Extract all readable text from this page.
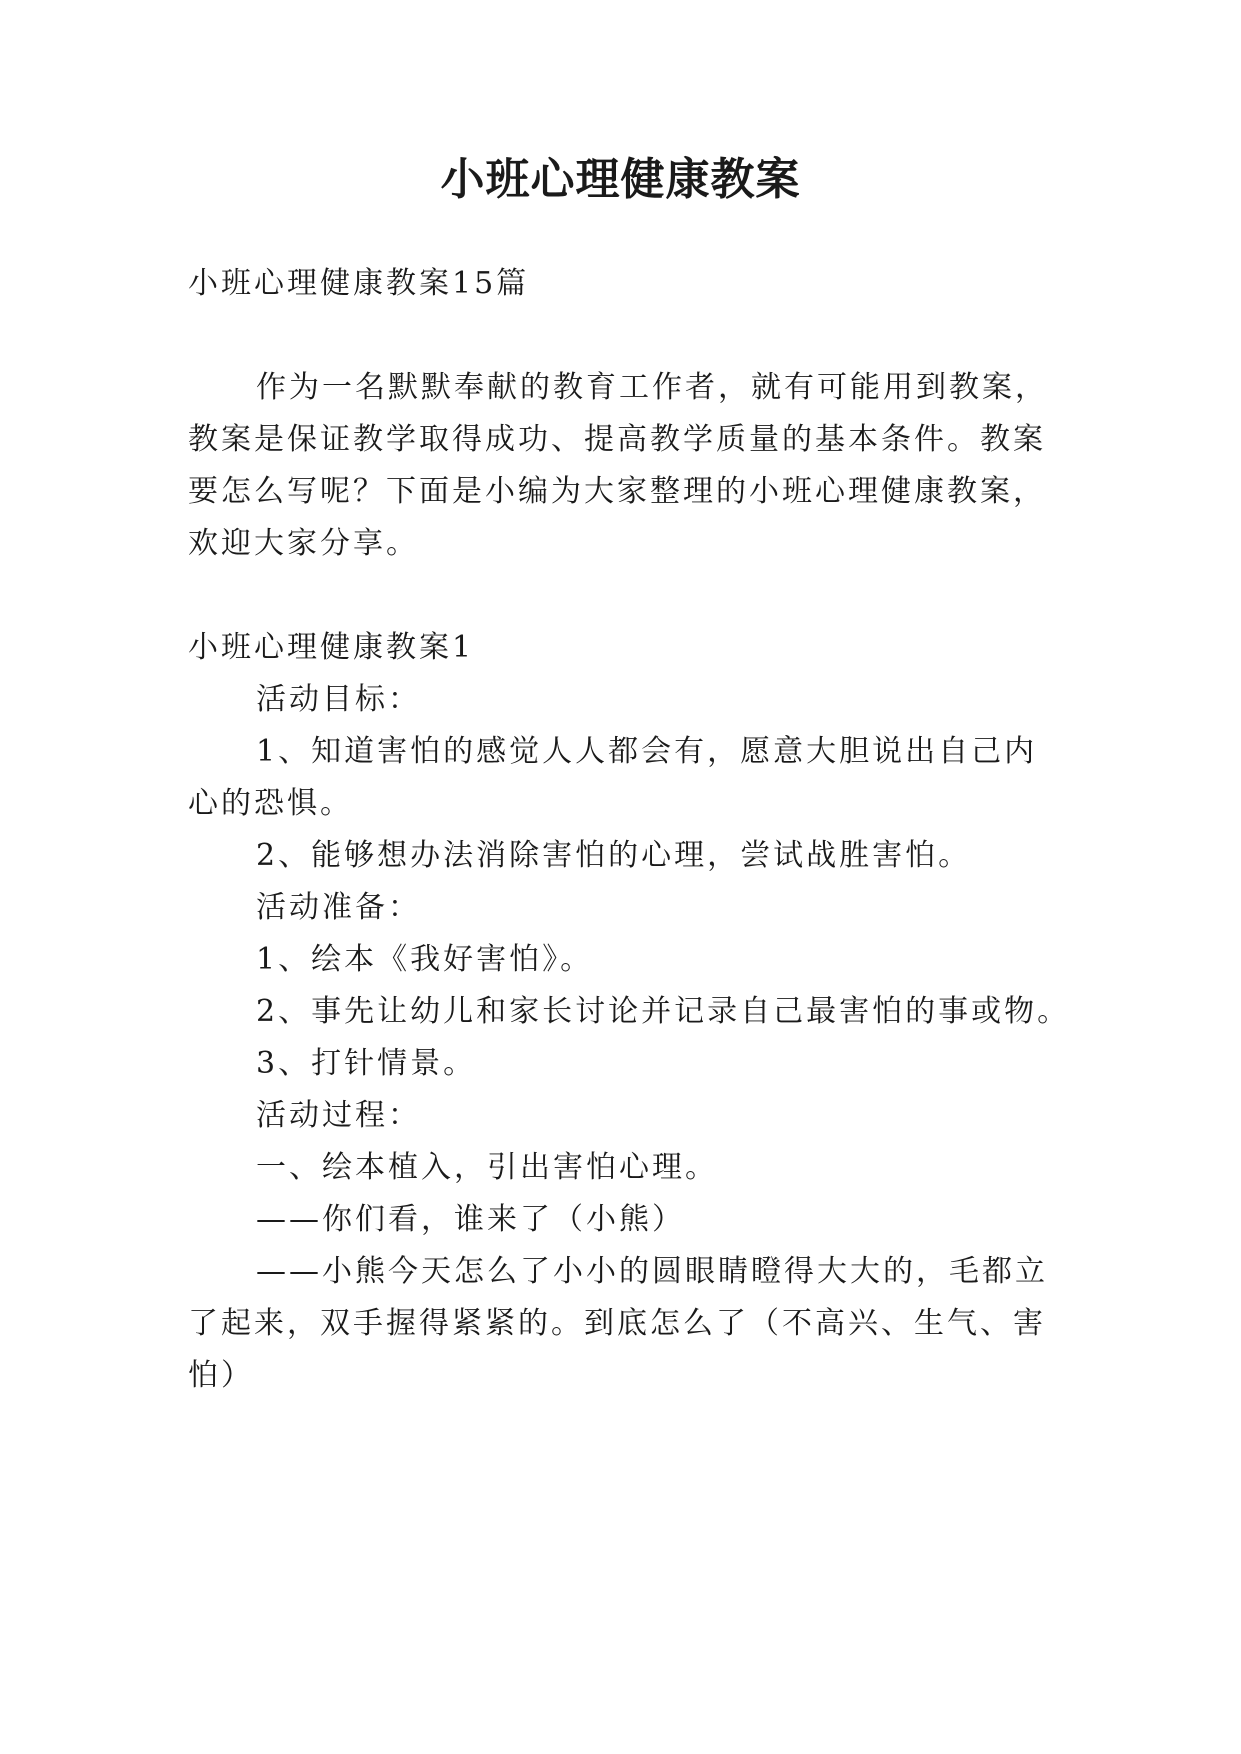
小班心理健康教案
小班心理健康教案15篇
作为一名默默奉献的教育工作者，就有可能用到教案，
教案是保证教学取得成功、提高教学质量的基本条件。教案
要怎么写呢？下面是小编为大家整理的小班心理健康教案，
欢迎大家分享。
小班心理健康教案1
活动目标：
1、知道害怕的感觉人人都会有，愿意大胆说出自己内
心的恐惧。
2、能够想办法消除害怕的心理，尝试战胜害怕。
活动准备：
1、绘本《我好害怕》。
2、事先让幼儿和家长讨论并记录自己最害怕的事或物。
3、打针情景。
活动过程：
一、绘本植入，引出害怕心理。
——你们看，谁来了（小熊）
——小熊今天怎么了小小的圆眼睛瞪得大大的，毛都立
了起来，双手握得紧紧的。到底怎么了（不高兴、生气、害
怕）
